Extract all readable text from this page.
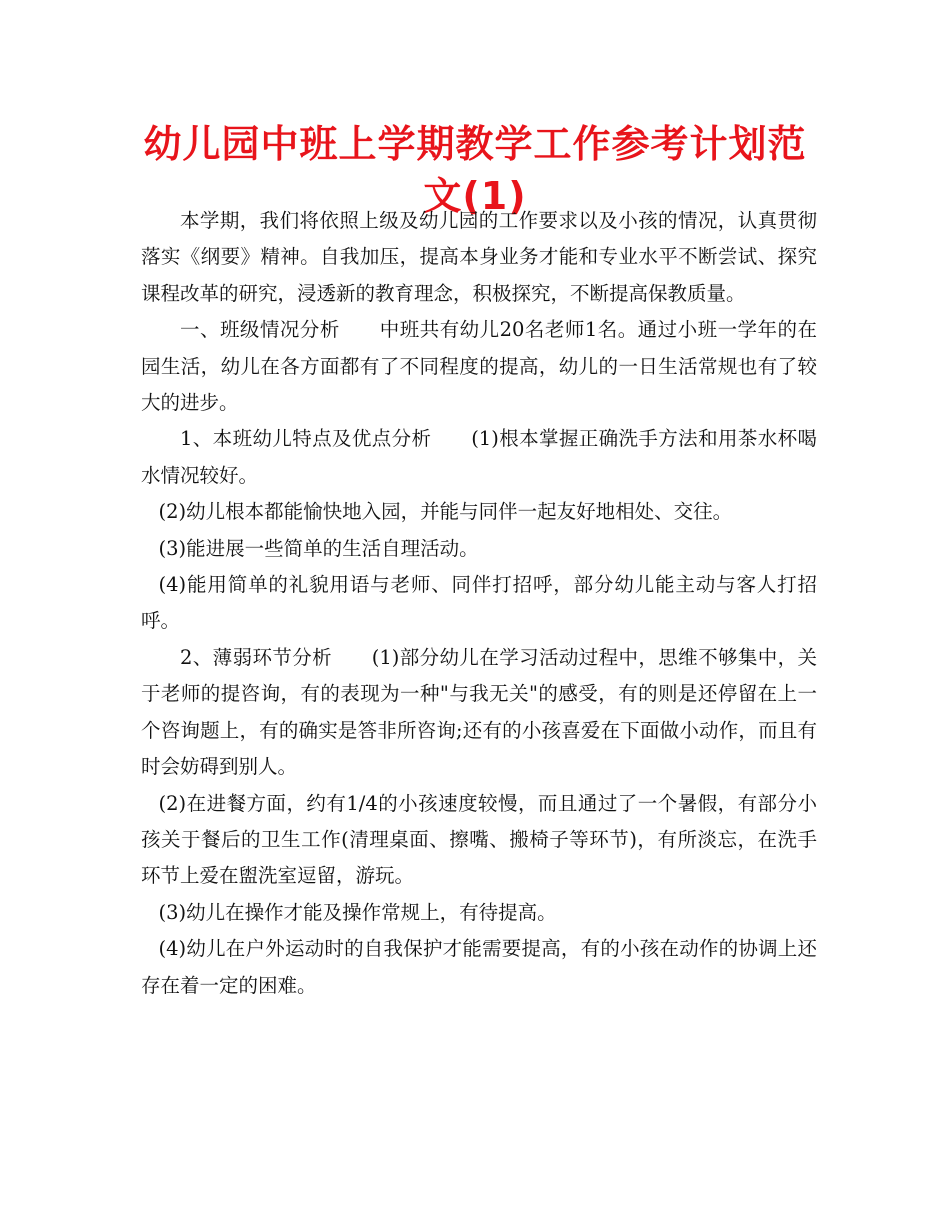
幼儿园中班上学期教学工作参考计划范文(1)

本学期，我们将依照上级及幼儿园的工作要求以及小孩的情况，认真贯彻落实《纲要》精神。自我加压，提高本身业务才能和专业水平不断尝试、探究课程改革的研究，浸透新的教育理念，积极探究，不断提高保教质量。

一、班级情况分析　　中班共有幼儿20名老师1名。通过小班一学年的在园生活，幼儿在各方面都有了不同程度的提高，幼儿的一日生活常规也有了较大的进步。

1、本班幼儿特点及优点分析　　(1)根本掌握正确洗手方法和用茶水杯喝水情况较好。

(2)幼儿根本都能愉快地入园，并能与同伴一起友好地相处、交往。

(3)能进展一些简单的生活自理活动。

(4)能用简单的礼貌用语与老师、同伴打招呼，部分幼儿能主动与客人打招呼。

2、薄弱环节分析　　(1)部分幼儿在学习活动过程中，思维不够集中，关于老师的提咨询，有的表现为一种"与我无关"的感受，有的则是还停留在上一个咨询题上，有的确实是答非所咨询;还有的小孩喜爱在下面做小动作，而且有时会妨碍到别人。

(2)在进餐方面，约有1/4的小孩速度较慢，而且通过了一个暑假，有部分小孩关于餐后的卫生工作(清理桌面、擦嘴、搬椅子等环节)，有所淡忘，在洗手环节上爱在盥洗室逗留，游玩。

(3)幼儿在操作才能及操作常规上，有待提高。

(4)幼儿在户外运动时的自我保护才能需要提高，有的小孩在动作的协调上还存在着一定的困难。
